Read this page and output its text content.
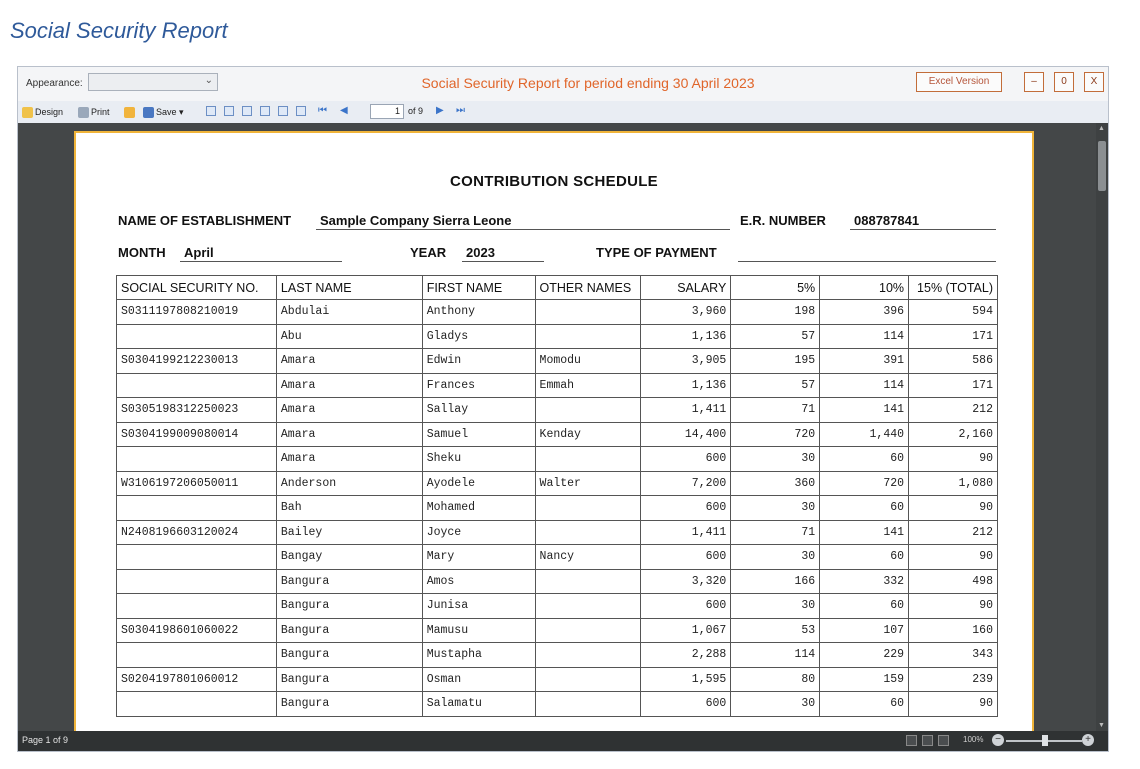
Social Security Report
Appearance:	⌄	Social Security Report for period ending 30 April 2023	Excel Version	–	0	X
Design	Print	Save ▾	⏮ ◀	1 of 9 ▶ ⏭
CONTRIBUTION SCHEDULE
NAME OF ESTABLISHMENT	Sample Company Sierra Leone	E.R. NUMBER	088787841
MONTH	April	YEAR	2023	TYPE OF PAYMENT
SOCIAL SECURITY NO.	LAST NAME	FIRST NAME	OTHER NAMES	SALARY	5%	10%	15% (TOTAL)
S0311197808210019	Abdulai	Anthony		3,960	198	396	594
	Abu	Gladys		1,136	57	114	171
S0304199212230013	Amara	Edwin	Momodu	3,905	195	391	586
	Amara	Frances	Emmah	1,136	57	114	171
S0305198312250023	Amara	Sallay		1,411	71	141	212
S0304199009080014	Amara	Samuel	Kenday	14,400	720	1,440	2,160
	Amara	Sheku		600	30	60	90
W3106197206050011	Anderson	Ayodele	Walter	7,200	360	720	1,080
	Bah	Mohamed		600	30	60	90
N2408196603120024	Bailey	Joyce		1,411	71	141	212
	Bangay	Mary	Nancy	600	30	60	90
	Bangura	Amos		3,320	166	332	498
	Bangura	Junisa		600	30	60	90
S0304198601060022	Bangura	Mamusu		1,067	53	107	160
	Bangura	Mustapha		2,288	114	229	343
S0204197801060012	Bangura	Osman		1,595	80	159	239
	Bangura	Salamatu		600	30	60	90
▲
▼
Page 1 of 9	100%	−	+
